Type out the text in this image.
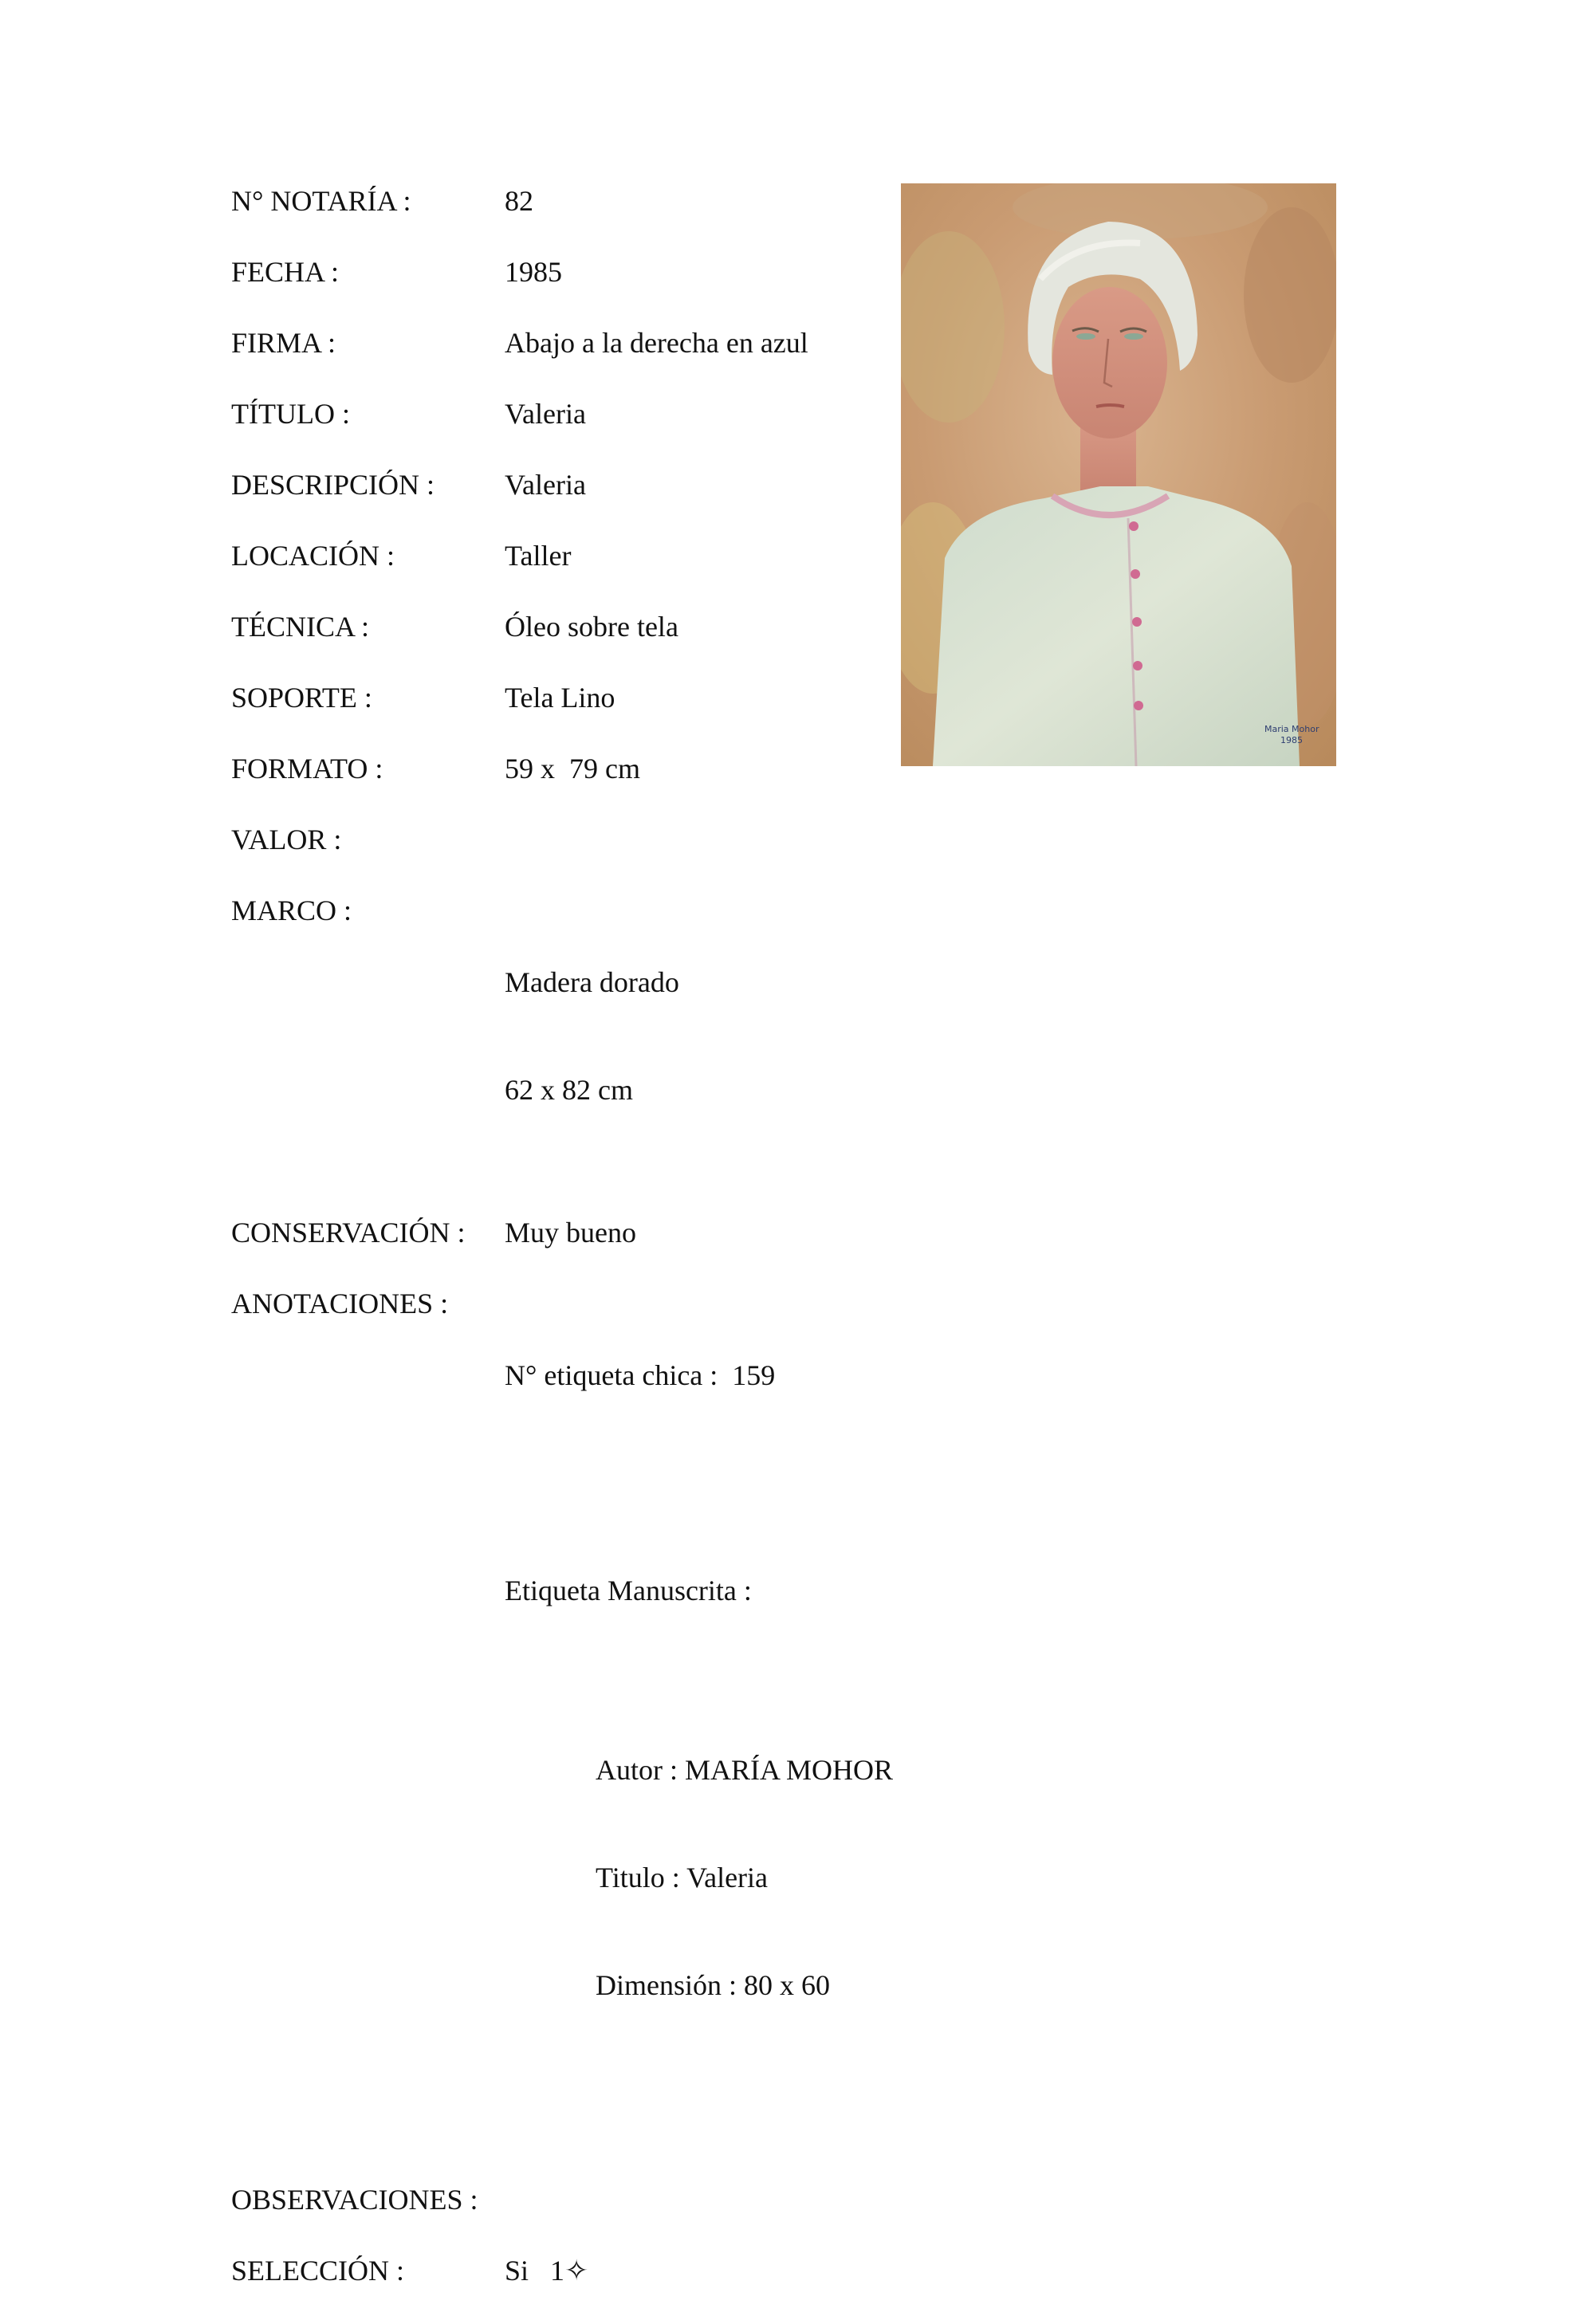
N° NOTARÍA :	82
FECHA :	1985
FIRMA :	Abajo a la derecha en azul
TÍTULO :	Valeria
DESCRIPCIÓN :	Valeria
LOCACIÓN :	Taller
TÉCNICA :	Óleo sobre tela
SOPORTE :	Tela Lino
FORMATO :	59 x  79 cm
VALOR :
MARCO :

Madera dorado

62 x 82 cm

CONSERVACIÓN :	Muy bueno
ANOTACIONES :

N° etiqueta chica :  159

Etiqueta Manuscrita :

Autor : MARÍA MOHOR

Titulo : Valeria

Dimensión : 80 x 60

OBSERVACIONES :
SELECCIÓN :	Si   1✧
Maria Mohor
1985
